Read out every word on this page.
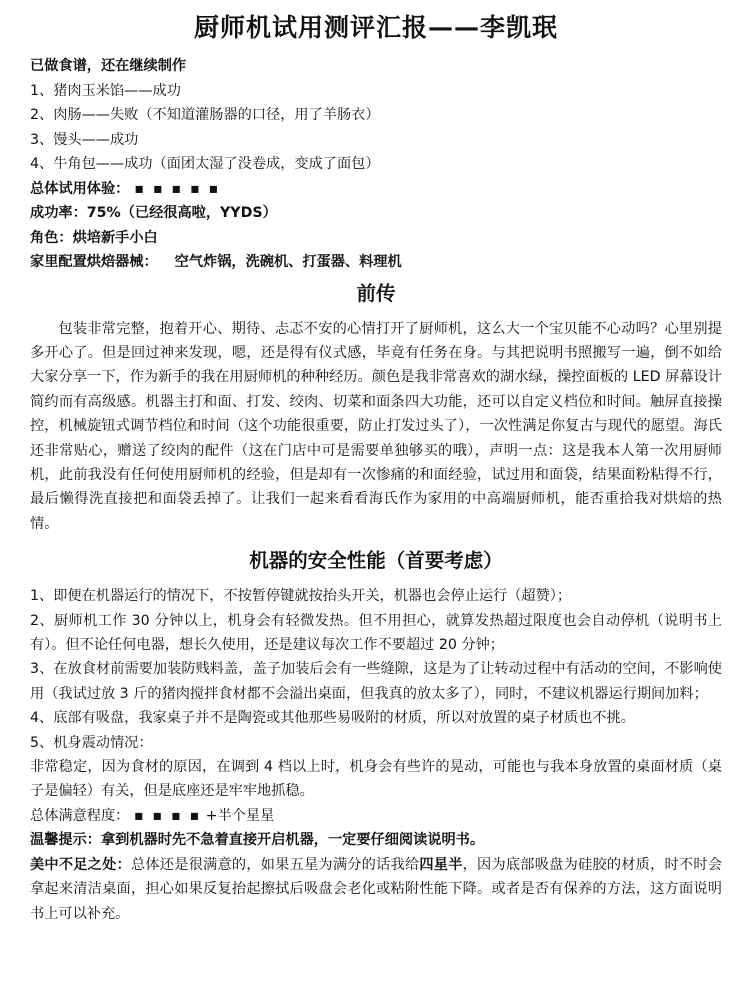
厨师机试用测评汇报——李凯珉
已做食谱，还在继续制作
1、猪肉玉米馅——成功
2、肉肠——失败（不知道灌肠器的口径，用了羊肠衣）
3、馒头——成功
4、牛角包——成功（面团太湿了没卷成，变成了面包）
总体试用体验： ▪ ▪ ▪ ▪ ▪
成功率：75%（已经很高啦，YYDS）
角色：烘培新手小白
家里配置烘焙器械： 空气炸锅，洗碗机、打蛋器、料理机
前传

包装非常完整，抱着开心、期待、忐忑不安的心情打开了厨师机，这么大一个宝贝能不心动吗？心里别提多开心了。但是回过神来发现，嗯，还是得有仪式感，毕竟有任务在身。与其把说明书照搬写一遍，倒不如给大家分享一下，作为新手的我在用厨师机的种种经历。颜色是我非常喜欢的湖水绿，操控面板的 LED 屏幕设计简约而有高级感。机器主打和面、打发、绞肉、切菜和面条四大功能，还可以自定义档位和时间。触屏直接操控，机械旋钮式调节档位和时间（这个功能很重要，防止打发过头了），一次性满足你复古与现代的愿望。海氏还非常贴心，赠送了绞肉的配件（这在门店中可是需要单独够买的哦），声明一点：这是我本人第一次用厨师机，此前我没有任何使用厨师机的经验，但是却有一次惨痛的和面经验，试过用和面袋，结果面粉粘得不行，最后懒得洗直接把和面袋丢掉了。让我们一起来看看海氏作为家用的中高端厨师机，能否重拾我对烘焙的热情。

机器的安全性能（首要考虑）

1、即便在机器运行的情况下，不按暂停键就按抬头开关，机器也会停止运行（超赞）；

2、厨师机工作 30 分钟以上，机身会有轻微发热。但不用担心，就算发热超过限度也会自动停机（说明书上有）。但不论任何电器，想长久使用，还是建议每次工作不要超过 20 分钟；

3、在放食材前需要加装防贱料盖，盖子加装后会有一些缝隙，这是为了让转动过程中有活动的空间，不影响使用（我试过放 3 斤的猪肉搅拌食材都不会溢出桌面，但我真的放太多了），同时，不建议机器运行期间加料；

4、底部有吸盘，我家桌子并不是陶瓷或其他那些易吸附的材质，所以对放置的桌子材质也不挑。

5、机身震动情况：

非常稳定，因为食材的原因，在调到 4 档以上时，机身会有些许的晃动，可能也与我本身放置的桌面材质（桌子是偏轻）有关，但是底座还是牢牢地抓稳。

总体满意程度： ▪ ▪ ▪ ▪ +半个星星
温馨提示：拿到机器时先不急着直接开启机器，一定要仔细阅读说明书。

美中不足之处：总体还是很满意的，如果五星为满分的话我给四星半，因为底部吸盘为硅胶的材质，时不时会拿起来清洁桌面，担心如果反复抬起擦拭后吸盘会老化或粘附性能下降。或者是否有保养的方法，这方面说明书上可以补充。
